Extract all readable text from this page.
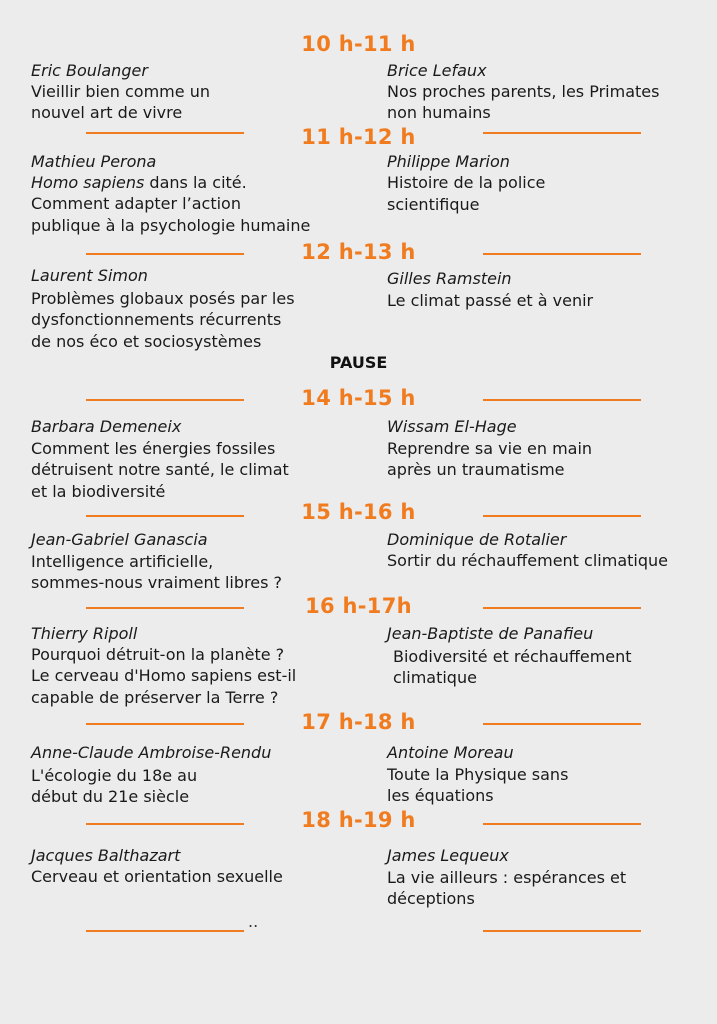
10 h-11 h
Eric Boulanger
Vieillir bien comme un
nouvel art de vivre
Brice Lefaux
Nos proches parents, les Primates
non humains
11 h-12 h
Mathieu Perona
Homo sapiens dans la cité.
Comment adapter l’action
publique à la psychologie humaine
Philippe Marion
Histoire de la police
scientifique
12 h-13 h
Laurent Simon
Problèmes globaux posés par les
dysfonctionnements récurrents
de nos éco et sociosystèmes
Gilles Ramstein
Le climat passé et à venir
PAUSE
14 h-15 h
Barbara Demeneix
Comment les énergies fossiles
détruisent notre santé, le climat
et la biodiversité
Wissam El-Hage
Reprendre sa vie en main
après un traumatisme
15 h-16 h
Jean-Gabriel Ganascia
Intelligence artificielle,
sommes-nous vraiment libres ?
Dominique de Rotalier
Sortir du réchauffement climatique
16 h-17h
Thierry Ripoll
Pourquoi détruit-on la planète ?
Le cerveau d'Homo sapiens est-il
capable de préserver la Terre ?
Jean-Baptiste de Panafieu
Biodiversité et réchauffement
climatique
17 h-18 h
Anne-Claude Ambroise-Rendu
L'écologie du 18e au
début du 21e siècle
Antoine Moreau
Toute la Physique sans
les équations
18 h-19 h
Jacques Balthazart
Cerveau et orientation sexuelle
James Lequeux
La vie ailleurs : espérances et
déceptions
..
